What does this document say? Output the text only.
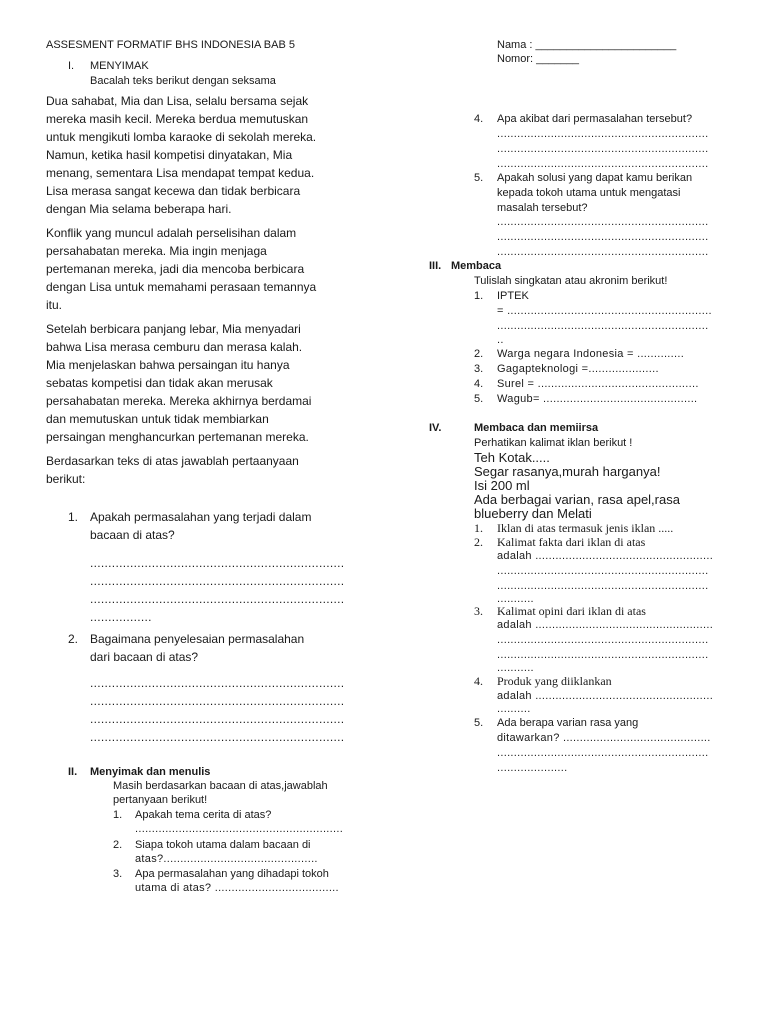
ASSESMENT FORMATIF BHS INDONESIA BAB 5	Nama : _______________________
Nomor: _______
I. MENYIMAK
Bacalah teks berikut dengan seksama

Dua sahabat, Mia dan Lisa, selalu bersama sejak
mereka masih kecil. Mereka berdua memutuskan
untuk mengikuti lomba karaoke di sekolah mereka.
Namun, ketika hasil kompetisi dinyatakan, Mia
menang, sementara Lisa mendapat tempat kedua.
Lisa merasa sangat kecewa dan tidak berbicara
dengan Mia selama beberapa hari.

Konflik yang muncul adalah perselisihan dalam
persahabatan mereka. Mia ingin menjaga
pertemanan mereka, jadi dia mencoba berbicara
dengan Lisa untuk memahami perasaan temannya
itu.

Setelah berbicara panjang lebar, Mia menyadari
bahwa Lisa merasa cemburu dan merasa kalah.
Mia menjelaskan bahwa persaingan itu hanya
sebatas kompetisi dan tidak akan merusak
persahabatan mereka. Mereka akhirnya berdamai
dan memutuskan untuk tidak membiarkan
persaingan menghancurkan pertemanan mereka.

Berdasarkan teks di atas jawablah pertaanyaan
berikut:

1. Apakah permasalahan yang terjadi dalam
bacaan di atas?
......................................................................
......................................................................
......................................................................
.................
2. Bagaimana penyelesaian permasalahan
dari bacaan di atas?
......................................................................
......................................................................
......................................................................
......................................................................
II. Menyimak dan menulis
Masih berdasarkan bacaan di atas,jawablah
pertanyaan berikut!
1. Apakah tema cerita di atas?
..............................................................
2. Siapa tokoh utama dalam bacaan di
atas?..............................................
3. Apa permasalahan yang dihadapi tokoh
utama di atas? .....................................
4. Apa akibat dari permasalahan tersebut?
...............................................................
...............................................................
...............................................................
5. Apakah solusi yang dapat kamu berikan
kepada tokoh utama untuk mengatasi
masalah tersebut?
...............................................................
...............................................................
...............................................................
III. Membaca
Tulislah singkatan atau akronim berikut!
1. IPTEK
= .............................................................
...............................................................
..
2. Warga negara Indonesia = ..............
3. Gagapteknologi =.....................
4. Surel = ................................................
5. Wagub= ..............................................
IV.	Membaca dan memiirsa
Perhatikan kalimat iklan berikut !
Teh Kotak.....
Segar rasanya,murah harganya!
Isi 200 ml
Ada berbagai varian, rasa apel,rasa
blueberry dan Melati
1. Iklan di atas termasuk jenis iklan .....
2. Kalimat fakta dari iklan di atas
adalah .....................................................
...............................................................
...............................................................
...........
3. Kalimat opini dari iklan di atas
adalah .....................................................
...............................................................
...............................................................
...........
4. Produk yang diiklankan
adalah .....................................................
..........
5. Ada berapa varian rasa yang
ditawarkan? ............................................
...............................................................
.....................
